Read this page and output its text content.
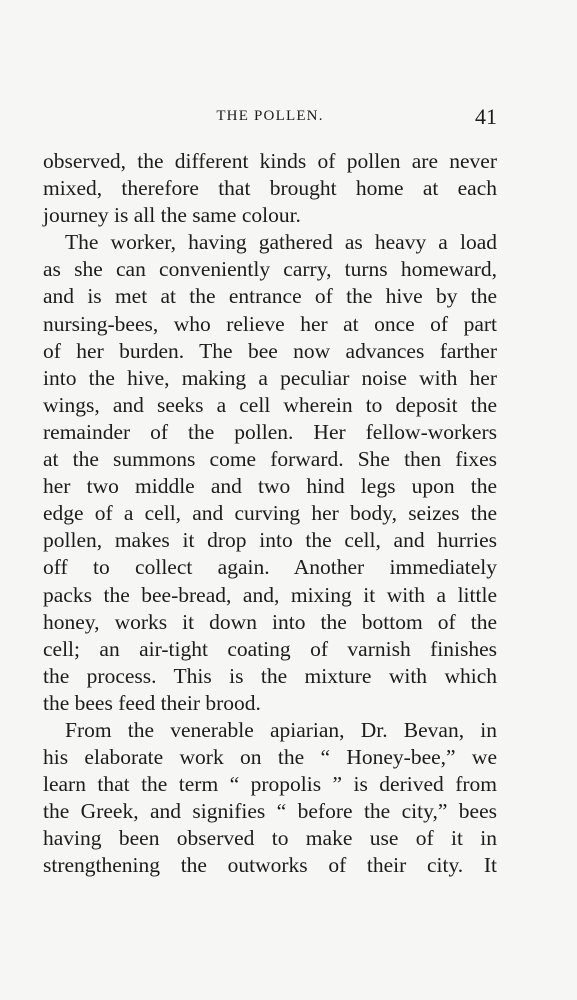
THE POLLEN.	41
observed, the different kinds of pollen are never
mixed, therefore that brought home at each
journey is all the same colour.
The worker, having gathered as heavy a load
as she can conveniently carry, turns homeward,
and is met at the entrance of the hive by the
nursing-bees, who relieve her at once of part
of her burden. The bee now advances farther
into the hive, making a peculiar noise with her
wings, and seeks a cell wherein to deposit the
remainder of the pollen. Her fellow-workers
at the summons come forward. She then fixes
her two middle and two hind legs upon the
edge of a cell, and curving her body, seizes the
pollen, makes it drop into the cell, and hurries
off to collect again. Another immediately
packs the bee-bread, and, mixing it with a little
honey, works it down into the bottom of the
cell; an air-tight coating of varnish finishes
the process. This is the mixture with which
the bees feed their brood.
From the venerable apiarian, Dr. Bevan, in
his elaborate work on the “ Honey-bee,” we
learn that the term “ propolis ” is derived from
the Greek, and signifies “ before the city,” bees
having been observed to make use of it in
strengthening the outworks of their city. It
